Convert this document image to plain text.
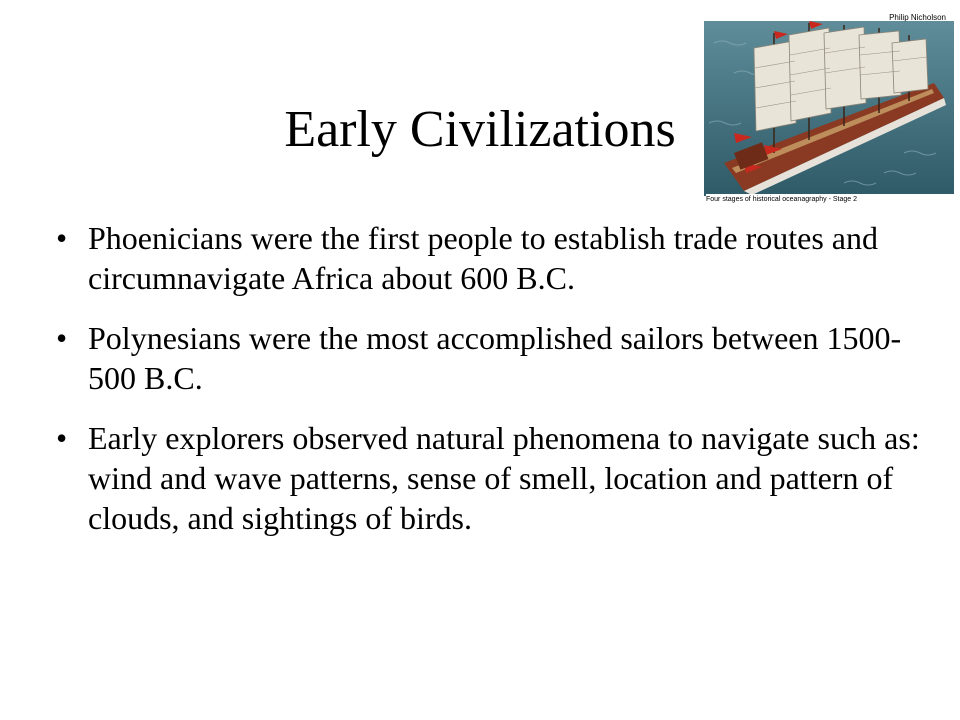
Early Civilizations
Philip Nicholson
Four stages of historical oceanagraphy - Stage 2
• Phoenicians were the first people to establish trade routes and circumnavigate Africa about 600 B.C.
• Polynesians were the most accomplished sailors between 1500-500 B.C.
• Early explorers observed natural phenomena to navigate such as: wind and wave patterns, sense of smell, location and pattern of clouds, and sightings of birds.
